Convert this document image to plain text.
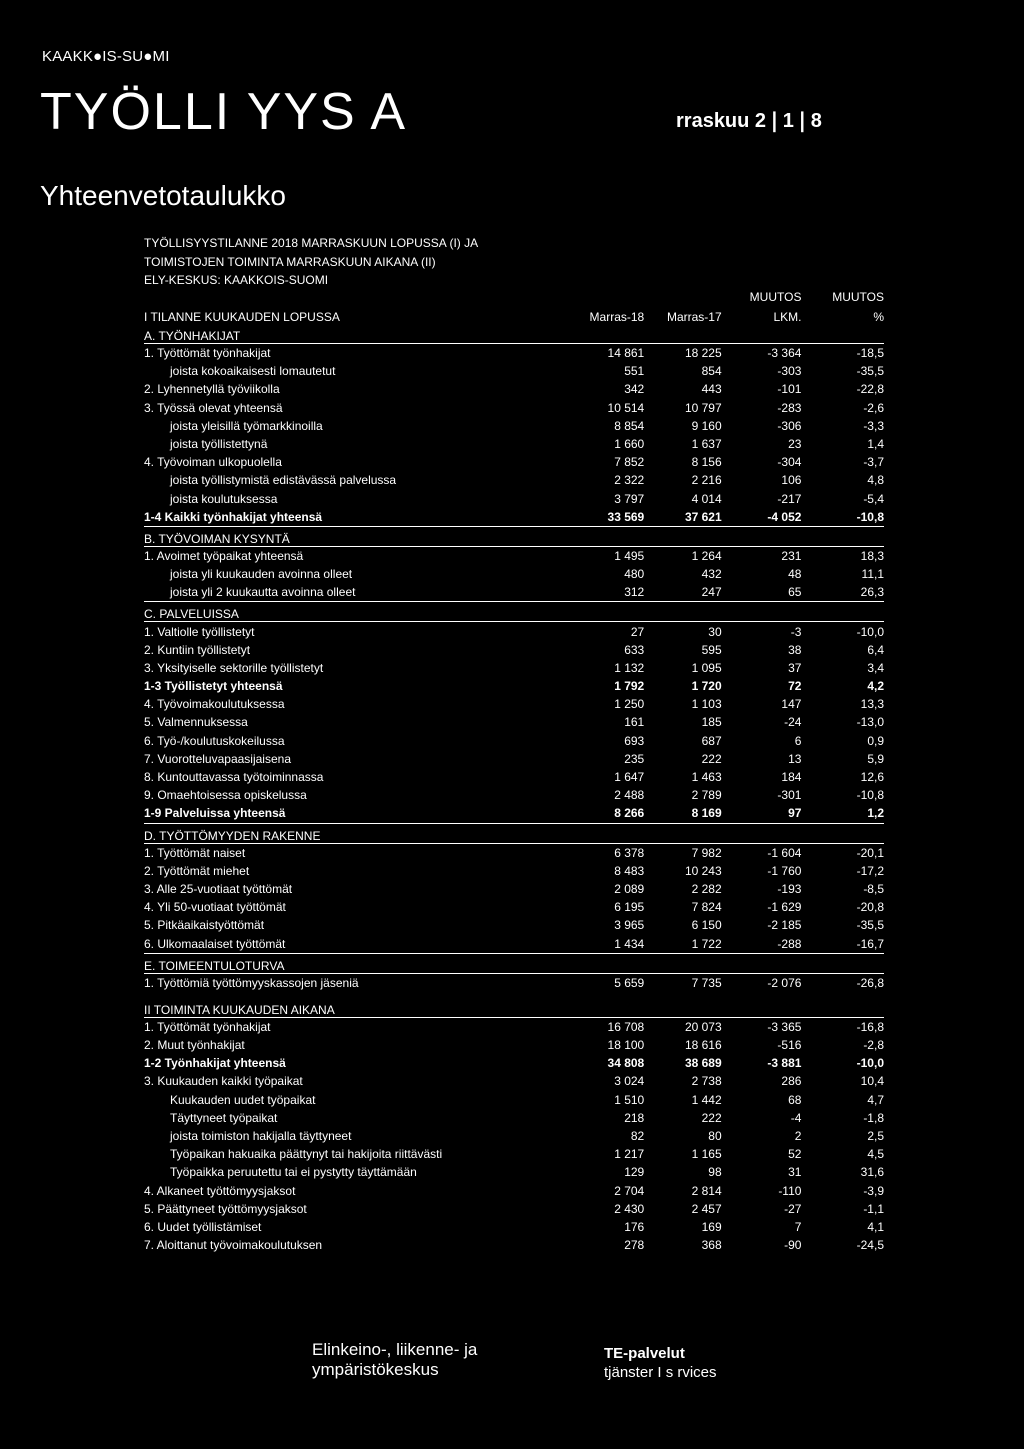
KAAKK●IS-SU●MI
TYÖLLI YYS A	rraskuu 2❘1❘8
Yhteenvetotaulukko
TYÖLLISYYSTILANNE 2018 MARRASKUUN LOPUSSA (I) JA
TOIMISTOJEN TOIMINTA MARRASKUUN AIKANA (II)
ELY-KESKUS: KAAKKOIS-SUOMI
			MUUTOS	MUUTOS
I TILANNE KUUKAUDEN LOPUSSA	Marras-18	Marras-17	LKM.	%
A. TYÖNHAKIJAT				
1. Työttömät työnhakijat	14 861	18 225	-3 364	-18,5
joista kokoaikaisesti lomautetut	551	854	-303	-35,5
2. Lyhennetyllä työviikolla	342	443	-101	-22,8
3. Työssä olevat yhteensä	10 514	10 797	-283	-2,6
joista yleisillä työmarkkinoilla	8 854	9 160	-306	-3,3
joista työllistettynä	1 660	1 637	23	1,4
4. Työvoiman ulkopuolella	7 852	8 156	-304	-3,7
joista työllistymistä edistävässä palvelussa	2 322	2 216	106	4,8
joista koulutuksessa	3 797	4 014	-217	-5,4
1-4 Kaikki työnhakijat yhteensä	33 569	37 621	-4 052	-10,8
B. TYÖVOIMAN KYSYNTÄ				
1. Avoimet työpaikat yhteensä	1 495	1 264	231	18,3
joista yli kuukauden avoinna olleet	480	432	48	11,1
joista yli 2 kuukautta avoinna olleet	312	247	65	26,3
C. PALVELUISSA				
1. Valtiolle työllistetyt	27	30	-3	-10,0
2. Kuntiin työllistetyt	633	595	38	6,4
3. Yksityiselle sektorille työllistetyt	1 132	1 095	37	3,4
1-3 Työllistetyt yhteensä	1 792	1 720	72	4,2
4. Työvoimakoulutuksessa	1 250	1 103	147	13,3
5. Valmennuksessa	161	185	-24	-13,0
6. Työ-/koulutuskokeilussa	693	687	6	0,9
7. Vuorotteluvapaasijaisena	235	222	13	5,9
8. Kuntouttavassa työtoiminnassa	1 647	1 463	184	12,6
9. Omaehtoisessa opiskelussa	2 488	2 789	-301	-10,8
1-9 Palveluissa yhteensä	8 266	8 169	97	1,2
D. TYÖTTÖMYYDEN RAKENNE				
1. Työttömät naiset	6 378	7 982	-1 604	-20,1
2. Työttömät miehet	8 483	10 243	-1 760	-17,2
3. Alle 25-vuotiaat työttömät	2 089	2 282	-193	-8,5
4. Yli 50-vuotiaat työttömät	6 195	7 824	-1 629	-20,8
5. Pitkäaikaistyöttömät	3 965	6 150	-2 185	-35,5
6. Ulkomaalaiset työttömät	1 434	1 722	-288	-16,7
E. TOIMEENTULOTURVA				
1. Työttömiä työttömyyskassojen jäseniä	5 659	7 735	-2 076	-26,8

II TOIMINTA KUUKAUDEN AIKANA				
1. Työttömät työnhakijat	16 708	20 073	-3 365	-16,8
2. Muut työnhakijat	18 100	18 616	-516	-2,8
1-2 Työnhakijat yhteensä	34 808	38 689	-3 881	-10,0
3. Kuukauden kaikki työpaikat	3 024	2 738	286	10,4
Kuukauden uudet työpaikat	1 510	1 442	68	4,7
Täyttyneet työpaikat	218	222	-4	-1,8
joista toimiston hakijalla täyttyneet	82	80	2	2,5
Työpaikan hakuaika päättynyt tai hakijoita riittävästi	1 217	1 165	52	4,5
Työpaikka peruutettu tai ei pystytty täyttämään	129	98	31	31,6
4. Alkaneet työttömyysjaksot	2 704	2 814	-110	-3,9
5. Päättyneet työttömyysjaksot	2 430	2 457	-27	-1,1
6. Uudet työllistämiset	176	169	7	4,1
7. Aloittanut työvoimakoulutuksen	278	368	-90	-24,5
Elinkeino-, liikenne- ja
ympäristökeskus
TE-palvelut
tjänster I s rvices
